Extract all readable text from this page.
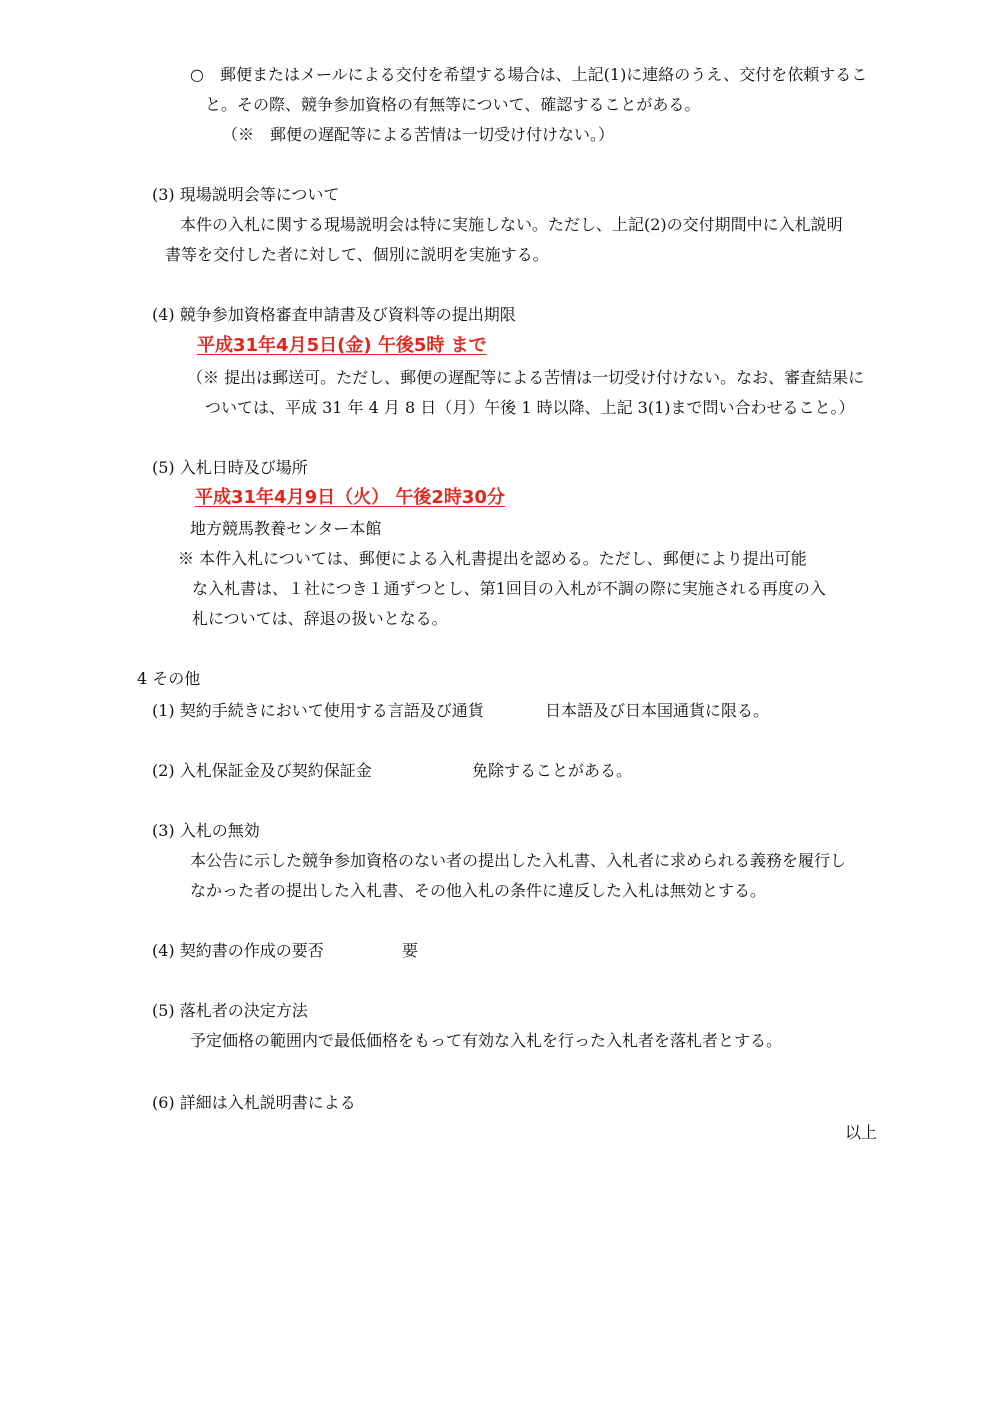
○　郵便またはメールによる交付を希望する場合は、上記(1)に連絡のうえ、交付を依頼するこ
と。その際、競争参加資格の有無等について、確認することがある。
（※　郵便の遅配等による苦情は一切受け付けない。）
(3) 現場説明会等について
本件の入札に関する現場説明会は特に実施しない。ただし、上記(2)の交付期間中に入札説明
書等を交付した者に対して、個別に説明を実施する。
(4) 競争参加資格審査申請書及び資料等の提出期限
平成31年4月5日(金) 午後5時 まで
（※ 提出は郵送可。ただし、郵便の遅配等による苦情は一切受け付けない。なお、審査結果に
ついては、平成 31 年 4 月 8 日（月）午後 1 時以降、上記 3(1)まで問い合わせること。）
(5) 入札日時及び場所
平成31年4月9日（火） 午後2時30分
地方競馬教養センター本館
※ 本件入札については、郵便による入札書提出を認める。ただし、郵便により提出可能
な入札書は、１社につき１通ずつとし、第1回目の入札が不調の際に実施される再度の入
札については、辞退の扱いとなる。
4 その他
(1) 契約手続きにおいて使用する言語及び通貨	日本語及び日本国通貨に限る。
(2) 入札保証金及び契約保証金	免除することがある。
(3) 入札の無効
本公告に示した競争参加資格のない者の提出した入札書、入札者に求められる義務を履行し
なかった者の提出した入札書、その他入札の条件に違反した入札は無効とする。
(4) 契約書の作成の要否	要
(5) 落札者の決定方法
予定価格の範囲内で最低価格をもって有効な入札を行った入札者を落札者とする。
(6) 詳細は入札説明書による
以上
